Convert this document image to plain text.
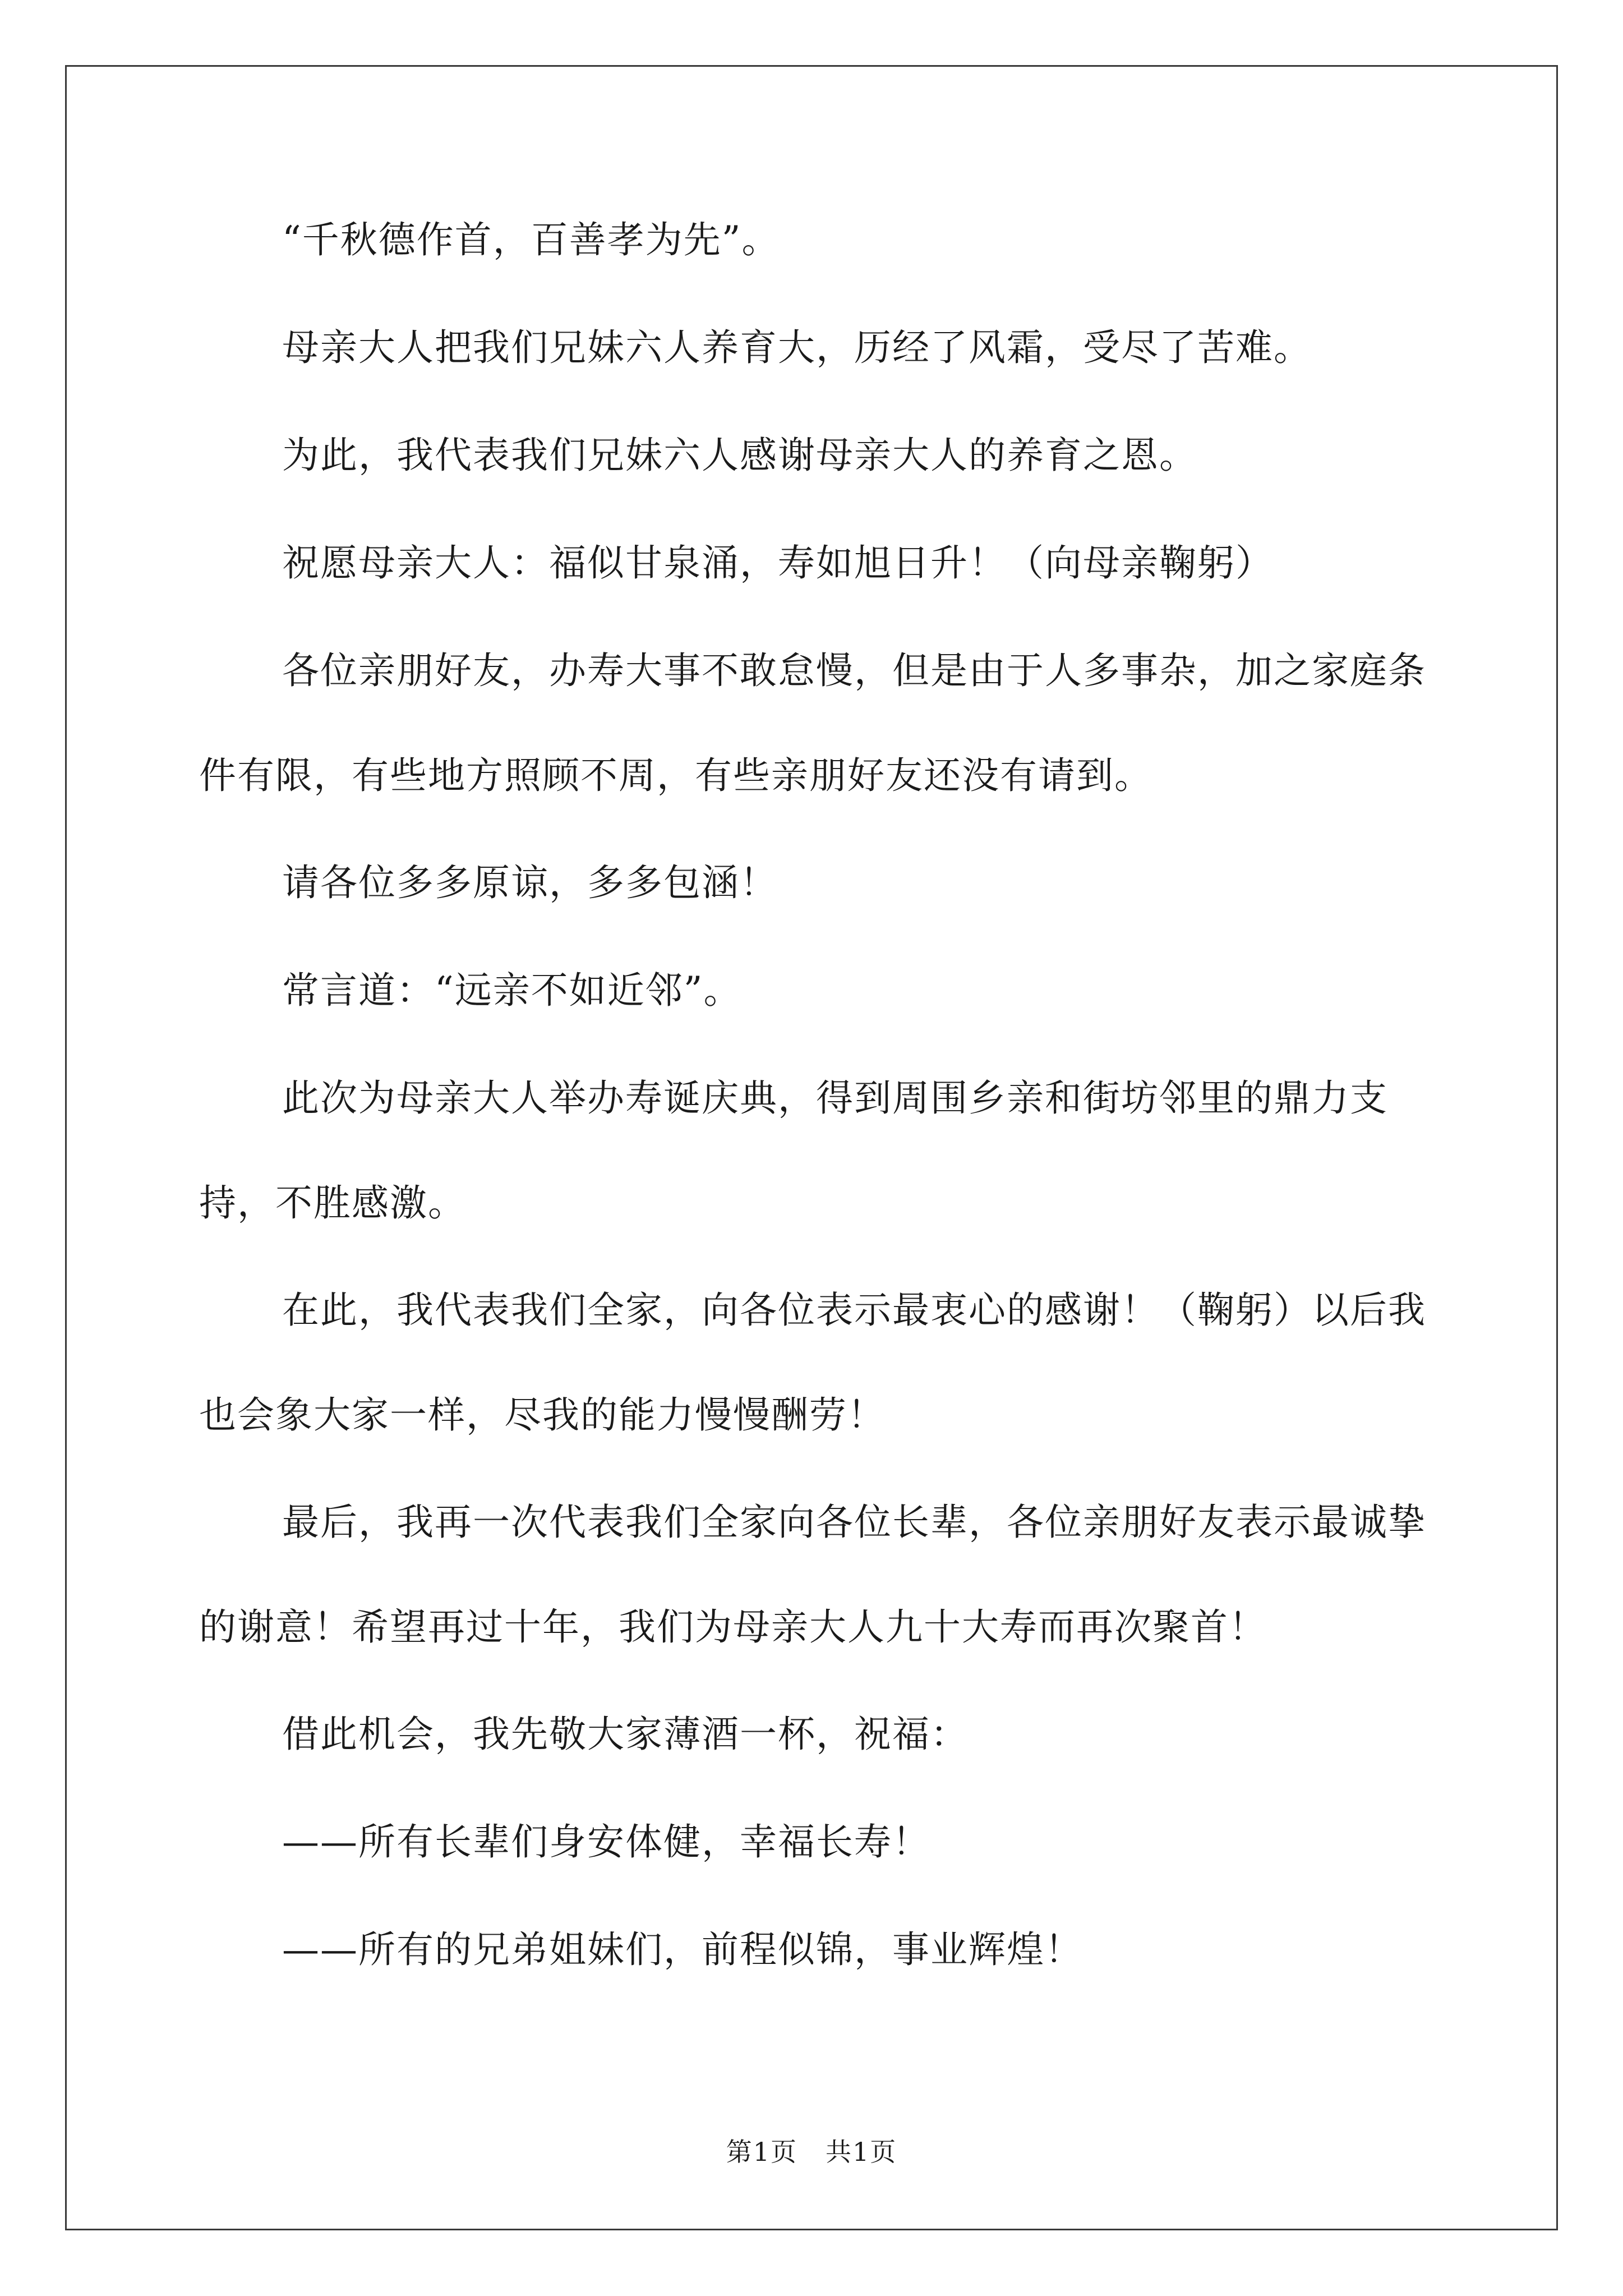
“千秋德作首，百善孝为先”。

母亲大人把我们兄妹六人养育大，历经了风霜，受尽了苦难。

为此，我代表我们兄妹六人感谢母亲大人的养育之恩。

祝愿母亲大人：福似甘泉涌，寿如旭日升！（向母亲鞠躬）

各位亲朋好友，办寿大事不敢怠慢，但是由于人多事杂，加之家庭条件有限，有些地方照顾不周，有些亲朋好友还没有请到。

请各位多多原谅，多多包涵！

常言道：“远亲不如近邻”。

此次为母亲大人举办寿诞庆典，得到周围乡亲和街坊邻里的鼎力支持，不胜感激。

在此，我代表我们全家，向各位表示最衷心的感谢！（鞠躬）以后我也会象大家一样，尽我的能力慢慢酬劳！

最后，我再一次代表我们全家向各位长辈，各位亲朋好友表示最诚挚的谢意！希望再过十年，我们为母亲大人九十大寿而再次聚首！

借此机会，我先敬大家薄酒一杯，祝福：

——所有长辈们身安体健，幸福长寿！

——所有的兄弟姐妹们，前程似锦，事业辉煌！

第1页 共1页
